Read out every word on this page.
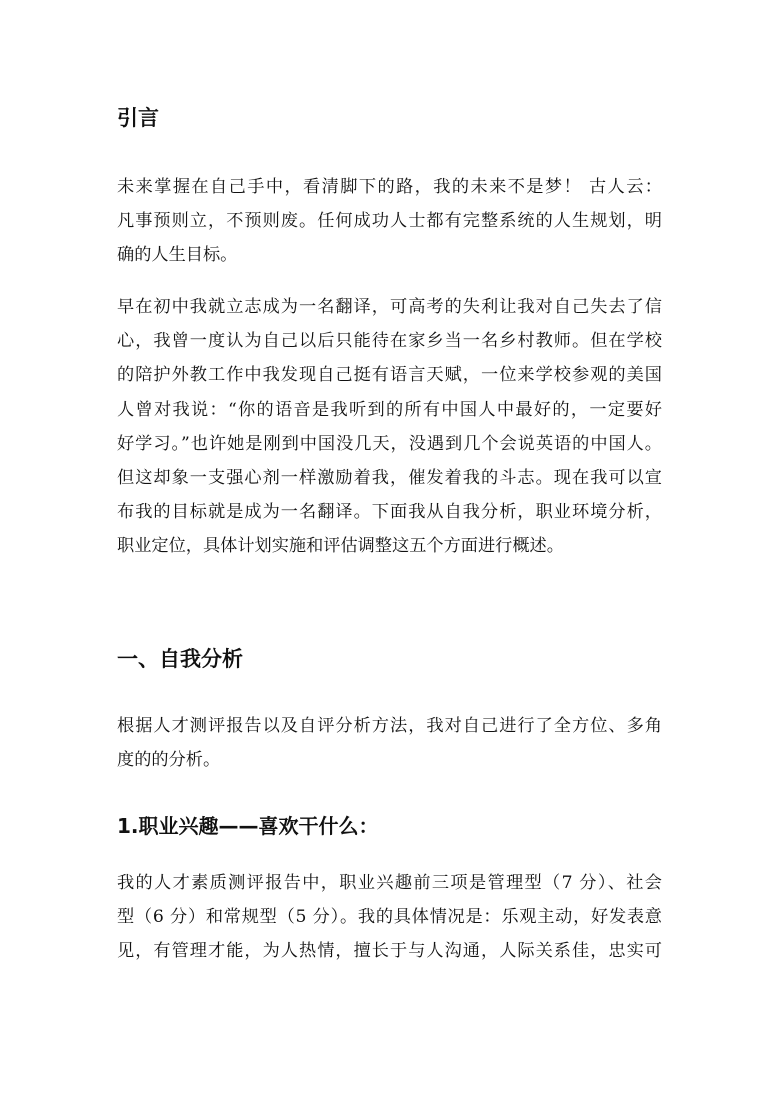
引言
未来掌握在自己手中，看清脚下的路，我的未来不是梦！ 古人云：
凡事预则立，不预则废。任何成功人士都有完整系统的人生规划，明
确的人生目标。
早在初中我就立志成为一名翻译，可高考的失利让我对自己失去了信
心，我曾一度认为自己以后只能待在家乡当一名乡村教师。但在学校
的陪护外教工作中我发现自己挺有语言天赋，一位来学校参观的美国
人曾对我说：“你的语音是我听到的所有中国人中最好的，一定要好
好学习。”也许她是刚到中国没几天，没遇到几个会说英语的中国人。
但这却象一支强心剂一样激励着我，催发着我的斗志。现在我可以宣
布我的目标就是成为一名翻译。下面我从自我分析，职业环境分析，
职业定位，具体计划实施和评估调整这五个方面进行概述。
一、自我分析
根据人才测评报告以及自评分析方法，我对自己进行了全方位、多角
度的的分析。
1.职业兴趣——喜欢干什么：
我的人才素质测评报告中，职业兴趣前三项是管理型（7 分）、社会
型（6 分）和常规型（5 分）。我的具体情况是：乐观主动，好发表意
见，有管理才能，为人热情，擅长于与人沟通，人际关系佳，忠实可
